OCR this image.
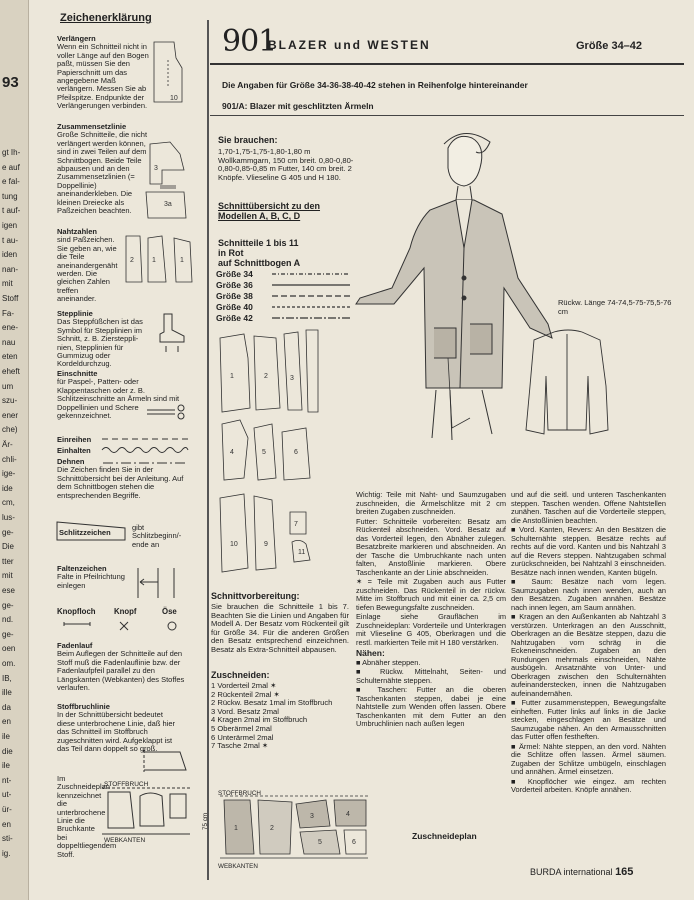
93
gt Ih-
e auf
e fal-
tung
t auf-
igen
t au-
iden
nan-
mit
Stoff
Fa-
ene-
nau
eten
eheft
um
szu-
ener
che)
Är-
chli-
ige-
ide
cm,
lus-
ge-
Die
tter
mit
ese
ge-
nd.
ge-
oen
om.
IB,
ille
da
en
ile
die
ile
nt-
ut-
ür-
en
sti-
ig.
Zeichenerklärung
Verlängern
Wenn ein Schnitteil nicht in voller Länge auf den Bogen paßt, müssen Sie den Papierschnitt um das angegebene Maß verlängern. Messen Sie ab Pfeilspitze. Endpunkte der Verlängerungen verbinden.
10
Zusammensetzlinie
Große Schnitteile, die nicht verlängert werden können, sind in zwei Teilen auf dem Schnittbogen. Beide Teile abpausen und an den Zusammensetzlinien (= Doppellinie) aneinanderkleben. Die kleinen Dreiecke als Paßzeichen beachten.
3
3a
Nahtzahlen
sind Paßzeichen. Sie geben an, wie die Teile aneinandergenäht werden. Die gleichen Zahlen treffen aneinander.
2	1	1
Stepplinie
Das Steppfüßchen ist das Symbol für Stepplinien im Schnitt, z. B. Zierstepplinien, Stepplinien für Gummizug oder Kordeldurchzug.
Einschnitte
für Paspel-, Patten- oder Klappentaschen oder z. B. Schlitzeinschnitte an Ärmeln sind mit Doppellinien und Schere gekennzeichnet.
Einreihen
Einhalten
Dehnen

Die Zeichen finden Sie in der Schnittübersicht bei der Anleitung. Auf dem Schnittbogen stehen die entsprechenden Begriffe.
Schlitzzeichen
gibt Schlitzbeginn/-ende an
Faltenzeichen
Falte in Pfeilrichtung einlegen
Knopfloch Knopf	Öse
Fadenlauf
Beim Auflegen der Schnitteile auf den Stoff muß die Fadenlauflinie bzw. der Fadenlaufpfeil parallel zu den Längskanten (Webkanten) des Stoffes verlaufen.
Stoffbruchlinie
In der Schnittübersicht bedeutet diese unterbrochene Linie, daß hier das Schnitteil im Stoffbruch zugeschnitten wird. Aufgeklappt ist das Teil dann doppelt so groß.
Im Zuschneideplan kennzeichnet die unterbrochene Linie die Bruchkante bei doppeltliegendem Stoff.
STOFFBRUCH
WEBKANTEN
901
BLAZER und WESTEN	Größe 34–42
Die Angaben für Größe 34-36-38-40-42 stehen in Reihenfolge hintereinander
901/A: Blazer mit geschlitzten Ärmeln
Sie brauchen:
1,70-1,75-1,75-1,80-1,80 m Wollkammgarn, 150 cm breit. 0,80-0,80-0,80-0,85-0,85 m Futter, 140 cm breit. 2 Knöpfe. Vlieseline G 405 und H 180.
Schnittübersicht zu den Modellen A, B, C, D
Schnitteile 1 bis 11
in Rot
auf Schnittbogen A
Größe 34
Größe 36
Größe 38
Größe 40
Größe 42
1	2	3
4	5	6
7
10	9
11
Rückw. Länge 74-74,5-75-75,5-76 cm
Schnittvorbereitung:
Sie brauchen die Schnitteile 1 bis 7. Beachten Sie die Linien und Angaben für Modell A. Der Besatz vom Rückenteil gilt für Größe 34. Für die anderen Größen den Besatz entsprechend einzeichnen. Besatz als Extra-Schnitteil abpausen.
Zuschneiden:
1 Vorderteil 2mal ✶
2 Rückenteil 2mal ✶
2 Rückw. Besatz 1mal im Stoffbruch
3 Vord. Besatz 2mal
4 Kragen 2mal im Stoffbruch
5 Oberärmel 2mal
6 Unterärmel 2mal
7 Tasche 2mal ✶
1	2
3
5
4
6
STOFFBRUCH
WEBKANTEN
75 cm
Zuschneideplan

Wichtig: Teile mit Naht- und Saumzugaben zuschneiden, die Ärmelschlitze mit 2 cm breiten Zugaben zuschneiden.

Futter: Schnitteile vorbereiten: Besatz am Rückenteil abschneiden. Vord. Besatz auf das Vorderteil legen, den Abnäher zulegen. Besatzbreite markieren und abschneiden. An der Tasche die Umbruchkante nach unten falten, Anstoßlinie markieren. Obere Taschenkante an der Linie abschneiden.

✶ = Teile mit Zugaben auch aus Futter zuschneiden. Das Rückenteil in der rückw. Mitte im Stoffbruch und mit einer ca. 2,5 cm tiefen Bewegungsfalte zuschneiden.

Einlage siehe Grauflächen im Zuschneideplan: Vorderteile und Unterkragen mit Vlieseline G 405, Oberkragen und die restl. markierten Teile mit H 180 verstärken.

Nähen:

■ Abnäher steppen.

■ Rückw. Mittelnaht, Seiten- und Schulternähte steppen.

■ Taschen: Futter an die oberen Taschenkanten steppen, dabei je eine Nahtstelle zum Wenden offen lassen. Obere Taschenkanten mit dem Futter an den Umbruchlinien nach außen legen

und auf die seitl. und unteren Taschenkanten steppen. Taschen wenden. Offene Nahtstellen zunähen. Taschen auf die Vorderteile steppen, die Anstoßlinien beachten.

■ Vord. Kanten, Revers: An den Besätzen die Schulternähte steppen. Besätze rechts auf rechts auf die vord. Kanten und bis Nahtzahl 3 auf die Revers steppen. Nahtzugaben schmal zurückschneiden, bei Nahtzahl 3 einschneiden. Besätze nach innen wenden, Kanten bügeln.

■ Saum: Besätze nach vorn legen. Saumzugaben nach innen wenden, auch an den Besätzen. Zugaben annähen. Besätze nach innen legen, am Saum annähen.

■ Kragen an den Außenkanten ab Nahtzahl 3 verstürzen. Unterkragen an den Ausschnitt, Oberkragen an die Besätze steppen, dazu die Nahtzugaben vorn schräg in die Eckeneinschneiden. Zugaben an den Rundungen mehrmals einschneiden, Nähte ausbügeln. Ansatznähte von Unter- und Oberkragen zwischen den Schulternähten aufeinanderstecken, innen die Nahtzugaben aufeinandernähen.

■ Futter zusammensteppen, Bewegungsfalte einheften. Futter links auf links in die Jacke stecken, eingeschlagen an Besätze und Saumzugabe nähen. An den Armausschnitten das Futter offen festheften.

■ Ärmel: Nähte steppen, an den vord. Nähten die Schlitze offen lassen. Ärmel säumen. Zugaben der Schlitze umbügeln, einschlagen und annähen. Ärmel einsetzen.

■ Knopflöcher wie eingez. am rechten Vorderteil arbeiten. Knöpfe annähen.

BURDA international 165
